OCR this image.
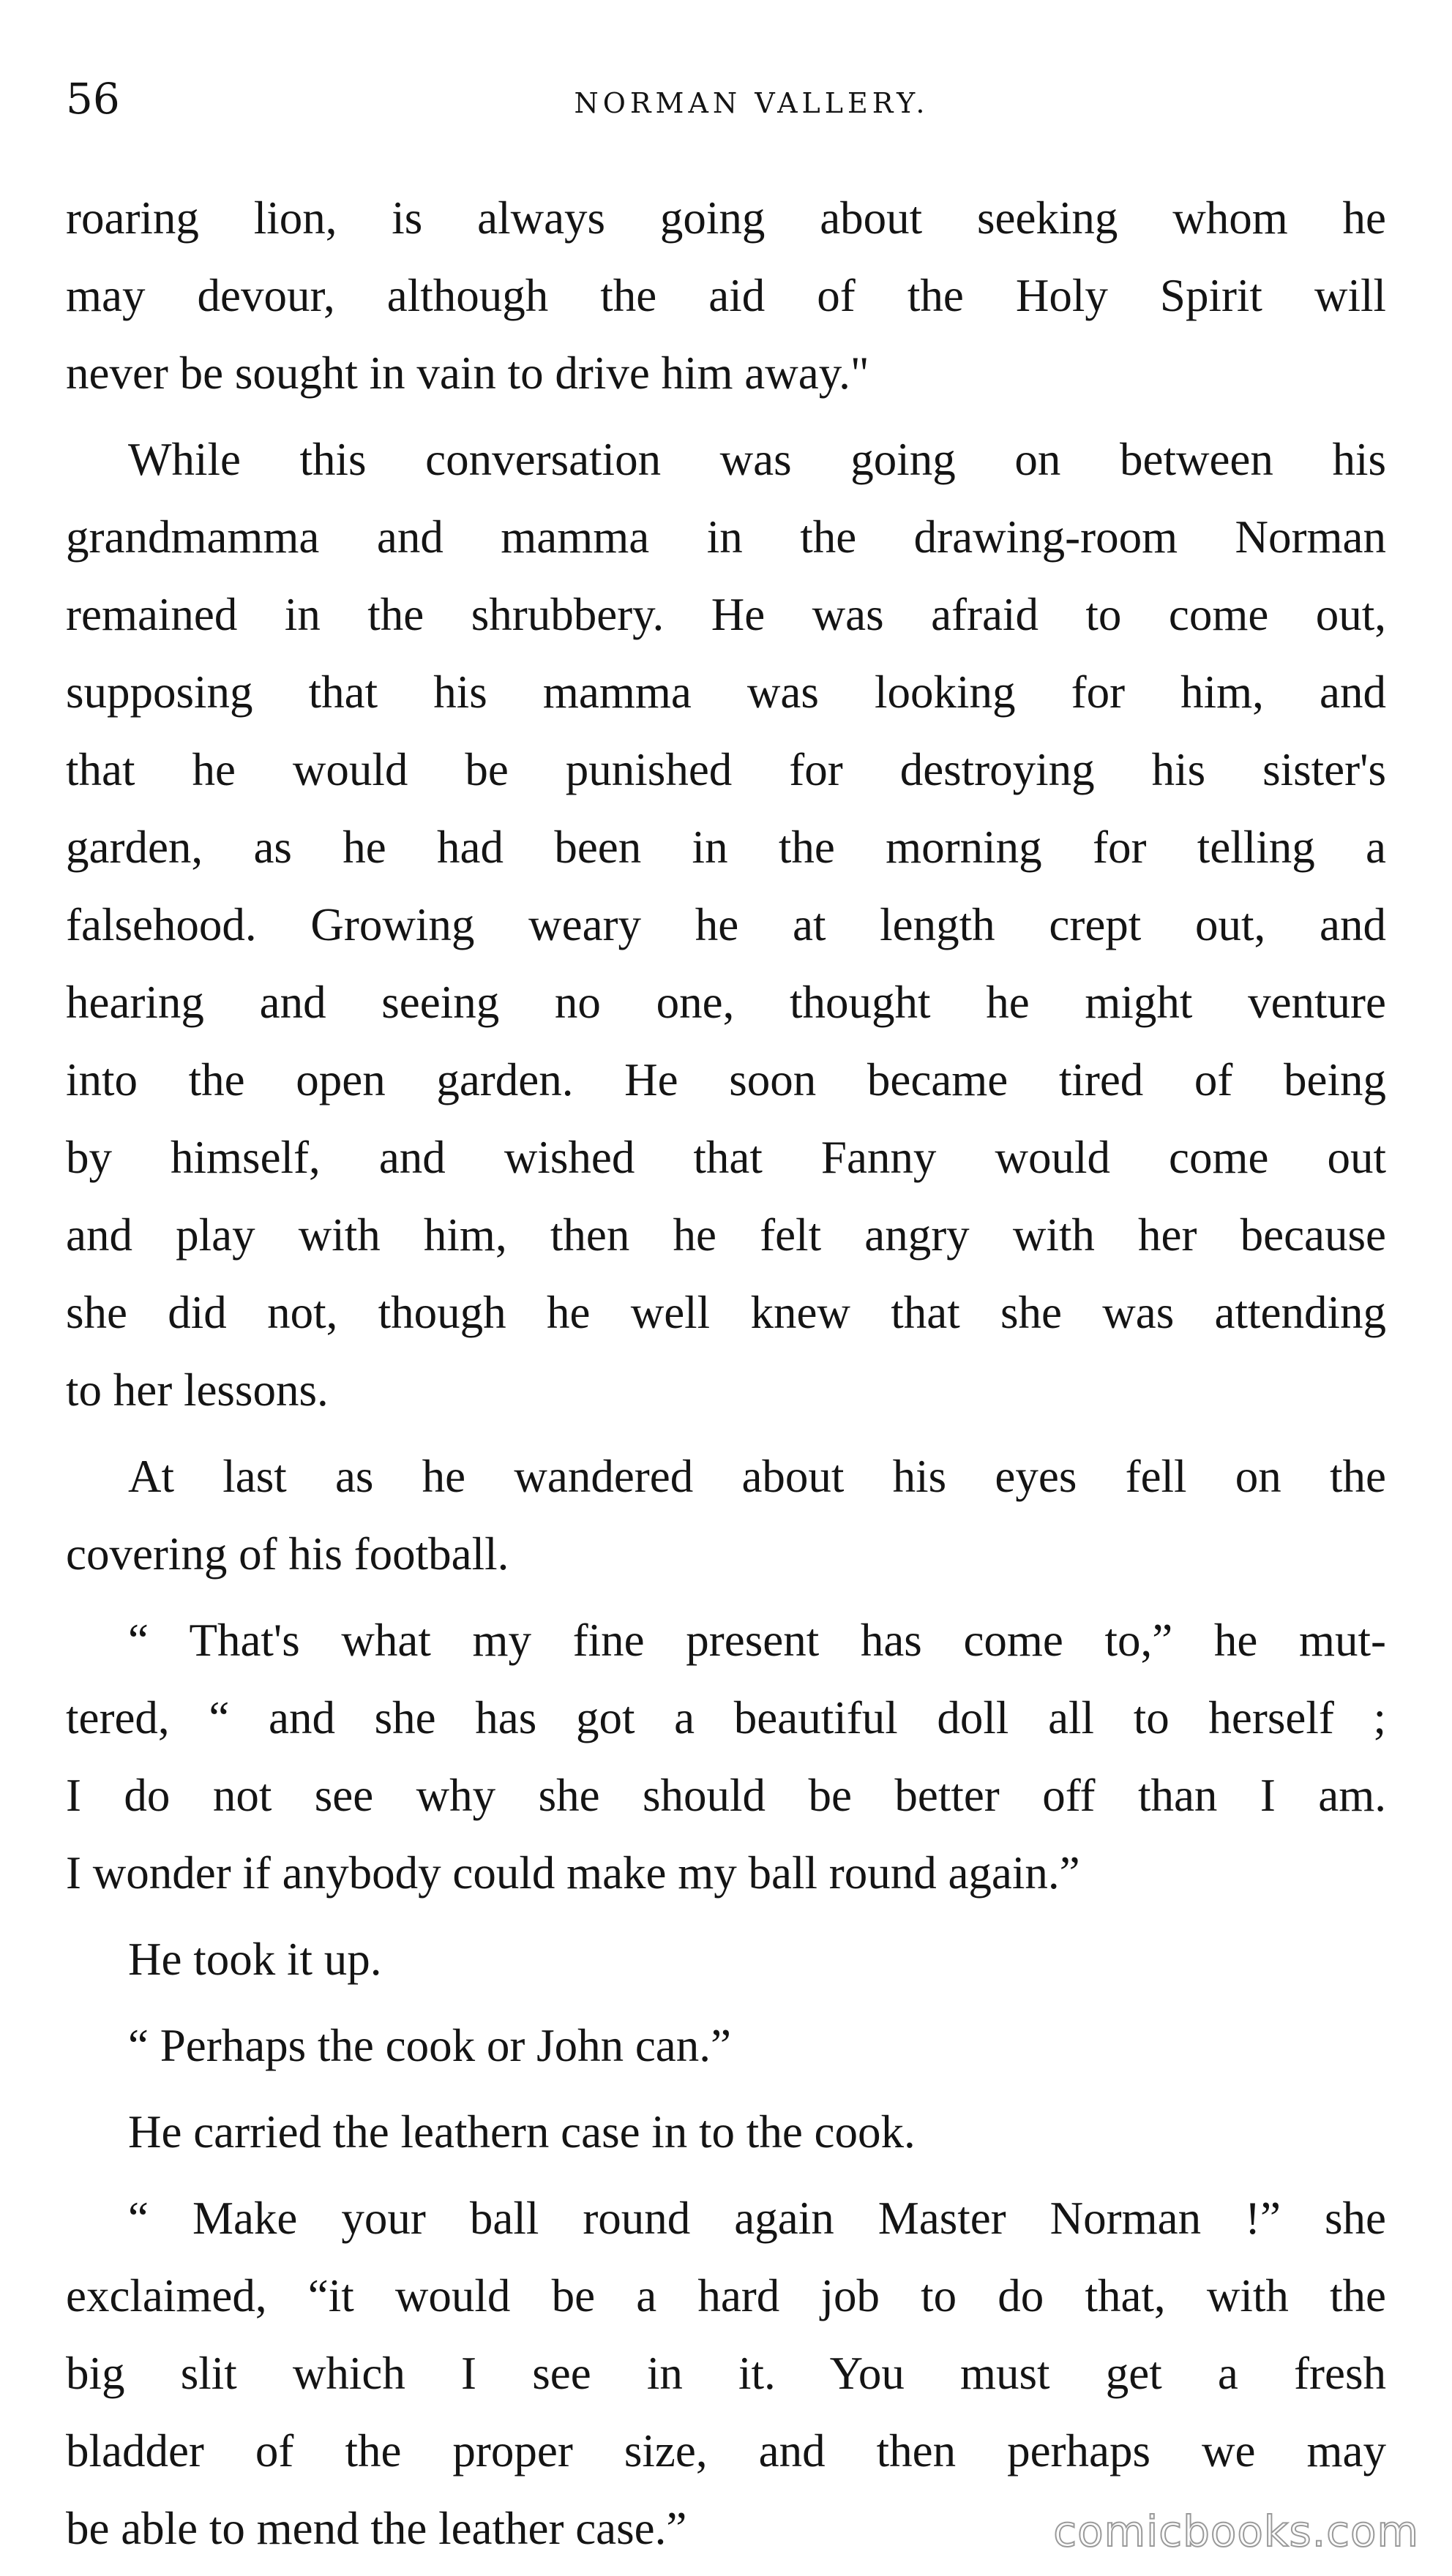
56	NORMAN VALLERY.
roaring lion, is always going about seeking whom he
may devour, although the aid of the Holy Spirit will
never be sought in vain to drive him away."
While this conversation was going on between his
grandmamma and mamma in the drawing-room Norman
remained in the shrubbery. He was afraid to come out,
supposing that his mamma was looking for him, and
that he would be punished for destroying his sister's
garden, as he had been in the morning for telling a
falsehood. Growing weary he at length crept out, and
hearing and seeing no one, thought he might venture
into the open garden. He soon became tired of being
by himself, and wished that Fanny would come out
and play with him, then he felt angry with her because
she did not, though he well knew that she was attending
to her lessons.
At last as he wandered about his eyes fell on the
covering of his football.
“ That's what my fine present has come to,” he mut-
tered, “ and she has got a beautiful doll all to herself ;
I do not see why she should be better off than I am.
I wonder if anybody could make my ball round again.”
He took it up.
“ Perhaps the cook or John can.”
He carried the leathern case in to the cook.
“ Make your ball round again Master Norman !” she
exclaimed, “it would be a hard job to do that, with the
big slit which I see in it. You must get a fresh
bladder of the proper size, and then perhaps we may
be able to mend the leather case.”	comicbooks.com
